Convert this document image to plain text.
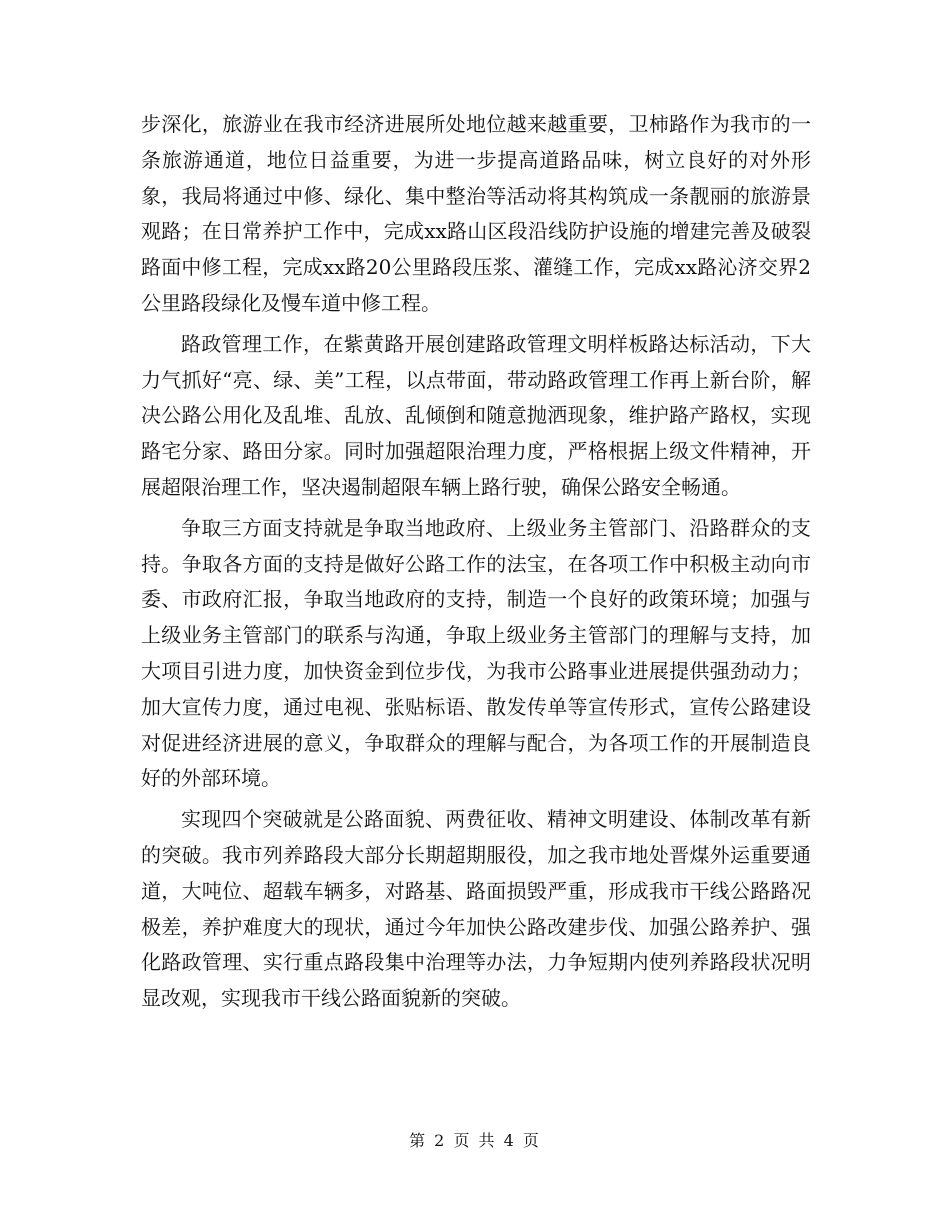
步深化，旅游业在我市经济进展所处地位越来越重要，卫柿路作为我市的一条旅游通道，地位日益重要，为进一步提高道路品味，树立良好的对外形象，我局将通过中修、绿化、集中整治等活动将其构筑成一条靓丽的旅游景观路；在日常养护工作中，完成xx路山区段沿线防护设施的增建完善及破裂路面中修工程，完成xx路20公里路段压浆、灌缝工作，完成xx路沁济交界2公里路段绿化及慢车道中修工程。

路政管理工作，在紫黄路开展创建路政管理文明样板路达标活动，下大力气抓好“亮、绿、美”工程，以点带面，带动路政管理工作再上新台阶，解决公路公用化及乱堆、乱放、乱倾倒和随意抛洒现象，维护路产路权，实现路宅分家、路田分家。同时加强超限治理力度，严格根据上级文件精神，开展超限治理工作，坚决遏制超限车辆上路行驶，确保公路安全畅通。

争取三方面支持就是争取当地政府、上级业务主管部门、沿路群众的支持。争取各方面的支持是做好公路工作的法宝，在各项工作中积极主动向市委、市政府汇报，争取当地政府的支持，制造一个良好的政策环境；加强与上级业务主管部门的联系与沟通，争取上级业务主管部门的理解与支持，加大项目引进力度，加快资金到位步伐，为我市公路事业进展提供强劲动力；加大宣传力度，通过电视、张贴标语、散发传单等宣传形式，宣传公路建设对促进经济进展的意义，争取群众的理解与配合，为各项工作的开展制造良好的外部环境。

实现四个突破就是公路面貌、两费征收、精神文明建设、体制改革有新的突破。我市列养路段大部分长期超期服役，加之我市地处晋煤外运重要通道，大吨位、超载车辆多，对路基、路面损毁严重，形成我市干线公路路况极差，养护难度大的现状，通过今年加快公路改建步伐、加强公路养护、强化路政管理、实行重点路段集中治理等办法，力争短期内使列养路段状况明显改观，实现我市干线公路面貌新的突破。

第 2 页 共 4 页
